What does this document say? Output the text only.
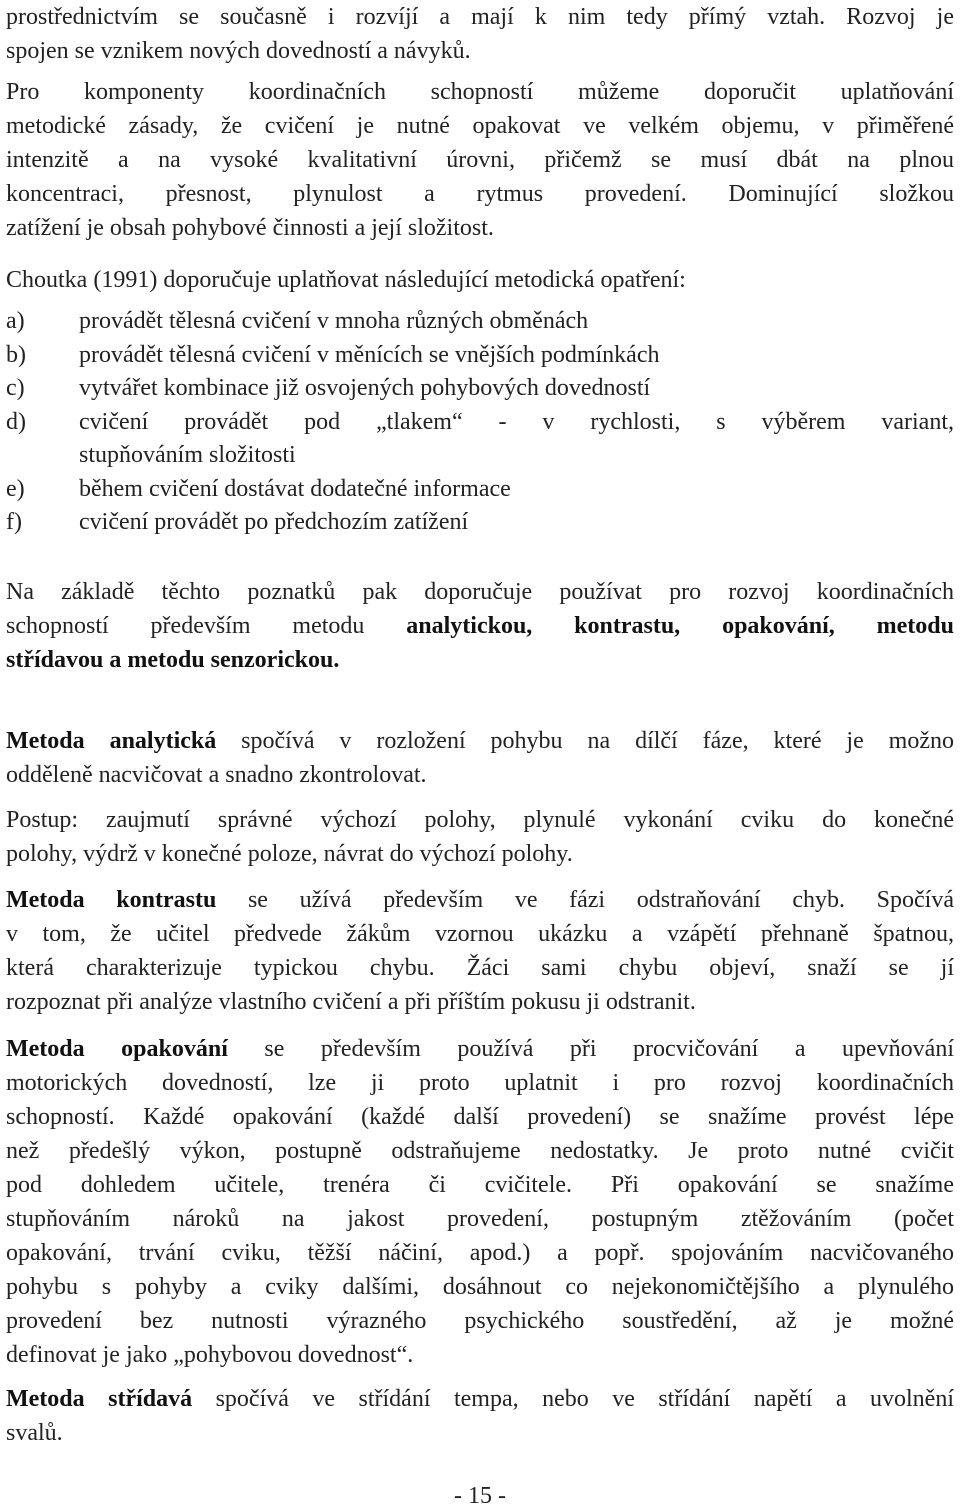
prostřednictvím se současně i rozvíjí a mají k nim tedy přímý vztah. Rozvoj je
spojen se vznikem nových dovedností a návyků.
Pro komponenty koordinačních schopností můžeme doporučit uplatňování
metodické zásady, že cvičení je nutné opakovat ve velkém objemu, v přiměřené
intenzitě a na vysoké kvalitativní úrovni, přičemž se musí dbát na plnou
koncentraci, přesnost, plynulost a rytmus provedení. Dominující složkou
zatížení je obsah pohybové činnosti a její složitost.
Choutka (1991) doporučuje uplatňovat následující metodická opatření:
a)	provádět tělesná cvičení v mnoha různých obměnách
b)	provádět tělesná cvičení v měnících se vnějších podmínkách
c)	vytvářet kombinace již osvojených pohybových dovedností
d)	cvičení provádět pod „tlakem“ - v rychlosti, s výběrem variant,
stupňováním složitosti
e)	během cvičení dostávat dodatečné informace
f)	cvičení provádět po předchozím zatížení
Na základě těchto poznatků pak doporučuje používat pro rozvoj koordinačních
schopností především metodu analytickou, kontrastu, opakování, metodu
střídavou a metodu senzorickou.
Metoda analytická spočívá v rozložení pohybu na dílčí fáze, které je možno
odděleně nacvičovat a snadno zkontrolovat.
Postup: zaujmutí správné výchozí polohy, plynulé vykonání cviku do konečné
polohy, výdrž v konečné poloze, návrat do výchozí polohy.
Metoda kontrastu se užívá především ve fázi odstraňování chyb. Spočívá
v tom, že učitel předvede žákům vzornou ukázku a vzápětí přehnaně špatnou,
která charakterizuje typickou chybu. Žáci sami chybu objeví, snaží se jí
rozpoznat při analýze vlastního cvičení a při příštím pokusu ji odstranit.
Metoda opakování se především používá při procvičování a upevňování
motorických dovedností, lze ji proto uplatnit i pro rozvoj koordinačních
schopností. Každé opakování (každé další provedení) se snažíme provést lépe
než předešlý výkon, postupně odstraňujeme nedostatky. Je proto nutné cvičit
pod dohledem učitele, trenéra či cvičitele. Při opakování se snažíme
stupňováním nároků na jakost provedení, postupným ztěžováním (počet
opakování, trvání cviku, těžší náčiní, apod.) a popř. spojováním nacvičovaného
pohybu s pohyby a cviky dalšími, dosáhnout co nejekonomičtějšího a plynulého
provedení bez nutnosti výrazného psychického soustředění, až je možné
definovat je jako „pohybovou dovednost“.
Metoda střídavá spočívá ve střídání tempa, nebo ve střídání napětí a uvolnění
svalů.
- 15 -
